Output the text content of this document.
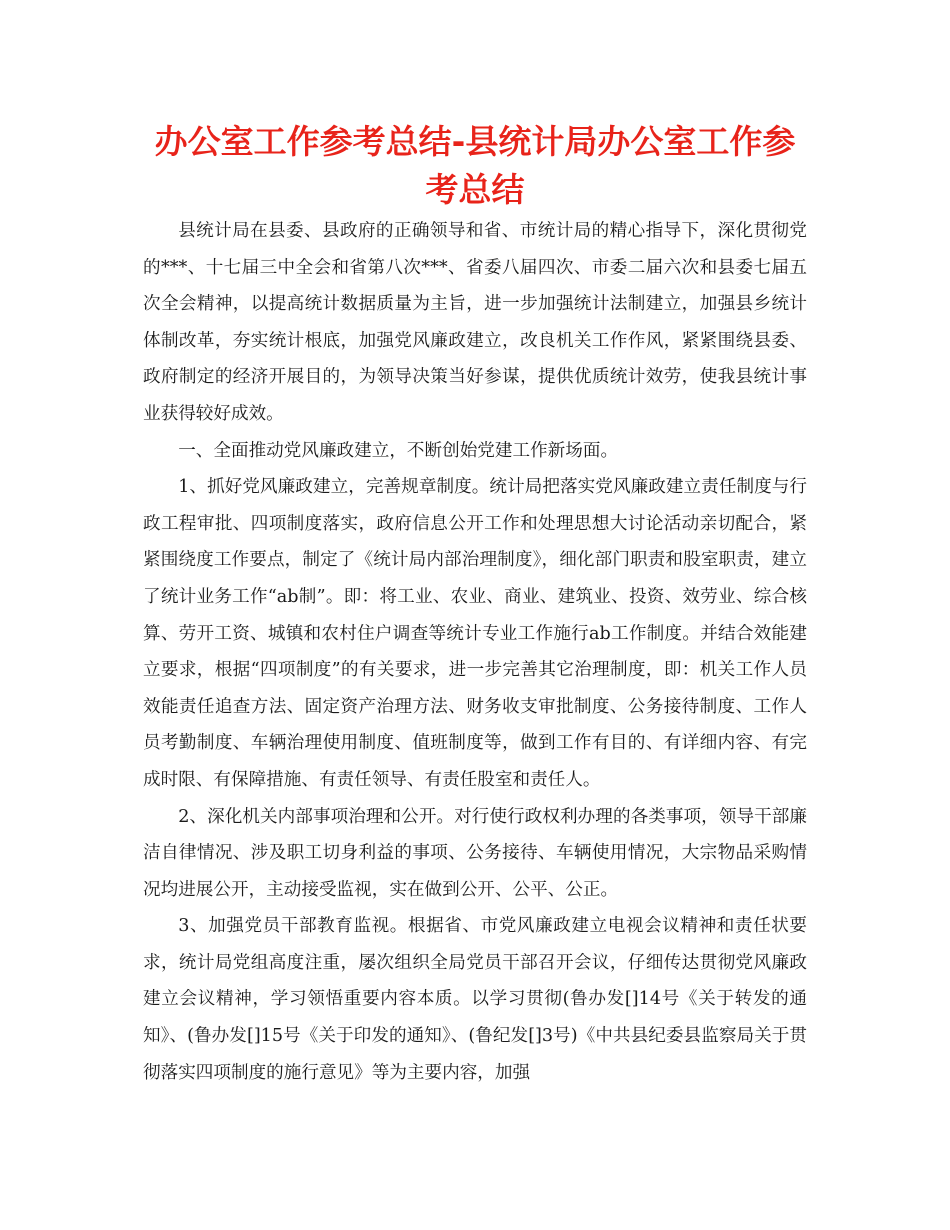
办公室工作参考总结-县统计局办公室工作参考总结

县统计局在县委、县政府的正确领导和省、市统计局的精心指导下，深化贯彻党的***、十七届三中全会和省第八次***、省委八届四次、市委二届六次和县委七届五次全会精神，以提高统计数据质量为主旨，进一步加强统计法制建立，加强县乡统计体制改革，夯实统计根底，加强党风廉政建立，改良机关工作作风，紧紧围绕县委、政府制定的经济开展目的，为领导决策当好参谋，提供优质统计效劳，使我县统计事业获得较好成效。

一、全面推动党风廉政建立，不断创始党建工作新场面。

1、抓好党风廉政建立，完善规章制度。统计局把落实党风廉政建立责任制度与行政工程审批、四项制度落实，政府信息公开工作和处理思想大讨论活动亲切配合，紧紧围绕度工作要点，制定了《统计局内部治理制度》，细化部门职责和股室职责，建立了统计业务工作“ab制”。即：将工业、农业、商业、建筑业、投资、效劳业、综合核算、劳开工资、城镇和农村住户调查等统计专业工作施行ab工作制度。并结合效能建立要求，根据“四项制度”的有关要求，进一步完善其它治理制度，即：机关工作人员效能责任追查方法、固定资产治理方法、财务收支审批制度、公务接待制度、工作人员考勤制度、车辆治理使用制度、值班制度等，做到工作有目的、有详细内容、有完成时限、有保障措施、有责任领导、有责任股室和责任人。

2、深化机关内部事项治理和公开。对行使行政权利办理的各类事项，领导干部廉洁自律情况、涉及职工切身利益的事项、公务接待、车辆使用情况，大宗物品采购情况均进展公开，主动接受监视，实在做到公开、公平、公正。

3、加强党员干部教育监视。根据省、市党风廉政建立电视会议精神和责任状要求，统计局党组高度注重，屡次组织全局党员干部召开会议，仔细传达贯彻党风廉政建立会议精神，学习领悟重要内容本质。以学习贯彻(鲁办发[]14号《关于转发的通知》、(鲁办发[]15号《关于印发的通知》、(鲁纪发[]3号)《中共县纪委县监察局关于贯彻落实四项制度的施行意见》等为主要内容，加强
